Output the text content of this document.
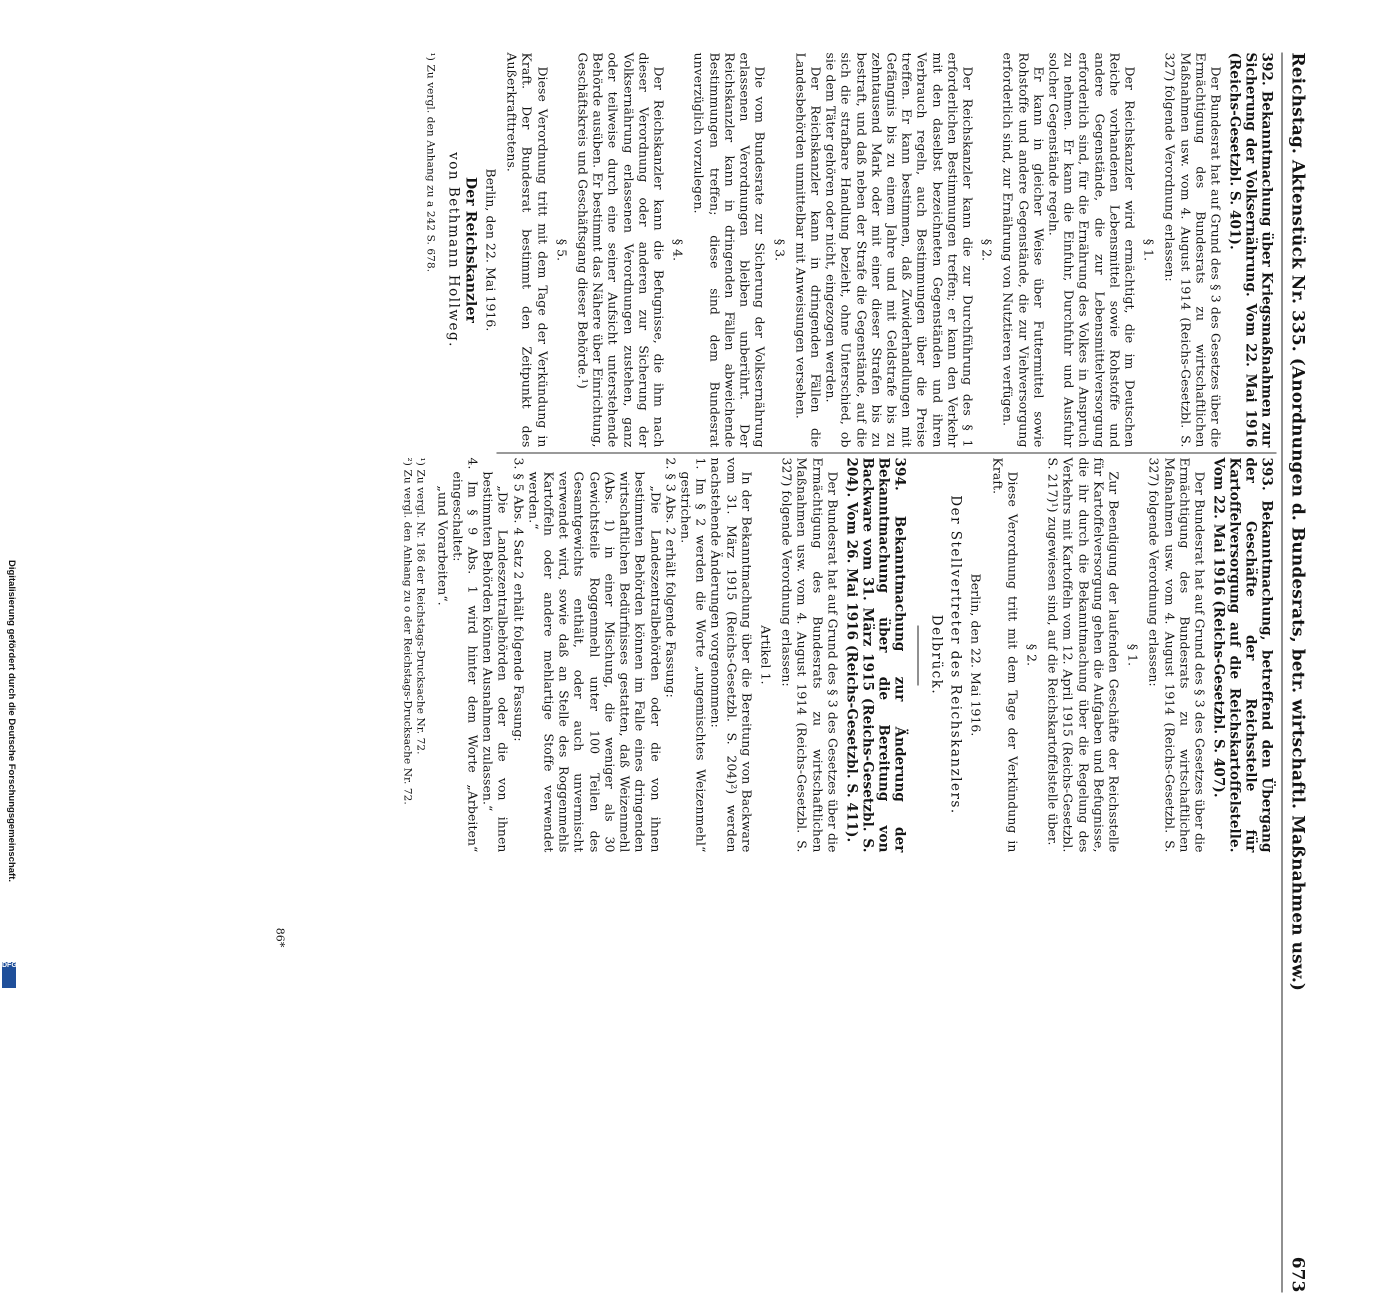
Reichstag. Aktenstück Nr. 335. (Anordnungen d. Bundesrats, betr. wirtschaftl. Maßnahmen usw.)
673

392. Bekanntmachung über Kriegsmaßnahmen zur Sicherung der Volksernährung. Vom 22. Mai 1916 (Reichs-Gesetzbl. S. 401).

Der Bundesrat hat auf Grund des § 3 des Gesetzes über die Ermächtigung des Bundesrats zu wirtschaftlichen Maßnahmen usw. vom 4. August 1914 (Reichs-Gesetzbl. S. 327) folgende Verordnung erlassen:

§ 1.

Der Reichskanzler wird ermächtigt, die im Deutschen Reiche vorhandenen Lebensmittel sowie Rohstoffe und andere Gegenstände, die zur Lebensmittelversorgung erforderlich sind, für die Ernährung des Volkes in Anspruch zu nehmen. Er kann die Einfuhr, Durchfuhr und Ausfuhr solcher Gegenstände regeln.

Er kann in gleicher Weise über Futtermittel sowie Rohstoffe und andere Gegenstände, die zur Viehversorgung erforderlich sind, zur Ernährung von Nutztieren verfügen.

§ 2.

Der Reichskanzler kann die zur Durchführung des § 1 erforderlichen Bestimmungen treffen; er kann den Verkehr mit den daselbst bezeichneten Gegenständen und ihren Verbrauch regeln, auch Bestimmungen über die Preise treffen. Er kann bestimmen, daß Zuwiderhandlungen mit Gefängnis bis zu einem Jahre und mit Geldstrafe bis zu zehntausend Mark oder mit einer dieser Strafen bis zu bestraft, und daß neben der Strafe die Gegenstände, auf die sich die strafbare Handlung bezieht, ohne Unterschied, ob sie dem Täter gehören oder nicht, eingezogen werden.

Der Reichskanzler kann in dringenden Fällen die Landesbehörden unmittelbar mit Anweisungen versehen.

§ 3.

Die vom Bundesrate zur Sicherung der Volksernährung erlassenen Verordnungen bleiben unberührt. Der Reichskanzler kann in dringenden Fällen abweichende Bestimmungen treffen; diese sind dem Bundesrat unverzüglich vorzulegen.

§ 4.

Der Reichskanzler kann die Befugnisse, die ihm nach dieser Verordnung oder anderen zur Sicherung der Volksernährung erlassenen Verordnungen zustehen, ganz oder teilweise durch eine seiner Aufsicht unterstehende Behörde ausüben. Er bestimmt das Nähere über Einrichtung, Geschäftskreis und Geschäftsgang dieser Behörde.¹)

§ 5.

Diese Verordnung tritt mit dem Tage der Verkündung in Kraft. Der Bundesrat bestimmt den Zeitpunkt des Außerkrafttretens.

Berlin, den 22. Mai 1916.

Der Reichskanzler

von Bethmann Hollweg.

¹) Zu vergl. den Anhang zu a 242 S. 678.

393. Bekanntmachung, betreffend den Übergang der Geschäfte der Reichsstelle für Kartoffelversorgung auf die Reichskartoffelstelle. Vom 22. Mai 1916 (Reichs-Gesetzbl. S. 407).

Der Bundesrat hat auf Grund des § 3 des Gesetzes über die Ermächtigung des Bundesrats zu wirtschaftlichen Maßnahmen usw. vom 4. August 1914 (Reichs-Gesetzbl. S. 327) folgende Verordnung erlassen:

§ 1.

Zur Beendigung der laufenden Geschäfte der Reichsstelle für Kartoffelversorgung gehen die Aufgaben und Befugnisse, die ihr durch die Bekanntmachung über die Regelung des Verkehrs mit Kartoffeln vom 12. April 1915 (Reichs-Gesetzbl. S. 217)¹) zugewiesen sind, auf die Reichskartoffelstelle über.

§ 2.

Diese Verordnung tritt mit dem Tage der Verkündung in Kraft.

Berlin, den 22. Mai 1916.

Der Stellvertreter des Reichskanzlers.

Delbrück.

394. Bekanntmachung zur Änderung der Bekanntmachung über die Bereitung von Backware vom 31. März 1915 (Reichs-Gesetzbl. S. 204). Vom 26. Mai 1916 (Reichs-Gesetzbl. S. 411).

Der Bundesrat hat auf Grund des § 3 des Gesetzes über die Ermächtigung des Bundesrats zu wirtschaftlichen Maßnahmen usw. vom 4. August 1914 (Reichs-Gesetzbl. S. 327) folgende Verordnung erlassen:

Artikel 1.

In der Bekanntmachung über die Bereitung von Backware vom 31. März 1915 (Reichs-Gesetzbl. S. 204)²) werden nachstehende Änderungen vorgenommen:

1. Im § 2 werden die Worte „ungemischtes Weizenmehl“ gestrichen.

2. § 3 Abs. 2 erhält folgende Fassung:

„Die Landeszentralbehörden oder die von ihnen bestimmten Behörden können im Falle eines dringenden wirtschaftlichen Bedürfnisses gestatten, daß Weizenmehl (Abs. 1) in einer Mischung, die weniger als 30 Gewichtsteile Roggenmehl unter 100 Teilen des Gesamtgewichts enthält, oder auch unvermischt verwendet wird, sowie daß an Stelle des Roggenmehls Kartoffeln oder andere mehlartige Stoffe verwendet werden.“

3. § 5 Abs. 4 Satz 2 erhält folgende Fassung:

„Die Landeszentralbehörden oder die von ihnen bestimmten Behörden können Ausnahmen zulassen.“

4. Im § 9 Abs. 1 wird hinter dem Worte „Arbeiten“ eingeschaltet:

„und Vorarbeiten“.

¹) Zu vergl. Nr. 186 der Reichstags-Drucksache Nr. 72.

²) Zu vergl. den Anhang zu o der Reichstags-Drucksache Nr. 72.

86*
Digitalisierung gefördert durch die Deutsche Forschungsgemeinschaft.
DFG
